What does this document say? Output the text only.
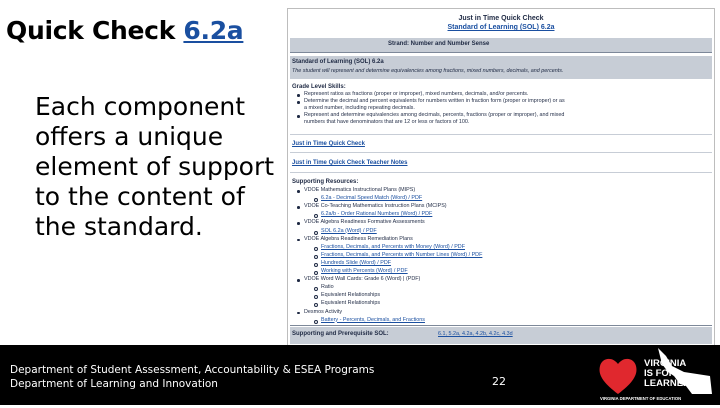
Quick Check 6.2a
Each component offers a unique element of support to the content of the standard.
Just in Time Quick Check
Standard of Learning (SOL) 6.2a
Strand: Number and Number Sense
Standard of Learning (SOL) 6.2a
The student will represent and determine equivalencies among fractions, mixed numbers, decimals, and percents.
Grade Level Skills:
Represent ratios as fractions (proper or improper), mixed numbers, decimals, and/or percents.
Determine the decimal and percent equivalents for numbers written in fraction form (proper or improper) or as
a mixed number, including repeating decimals.
Represent and determine equivalencies among decimals, percents, fractions (proper or improper), and mixed
numbers that have denominators that are 12 or less or factors of 100.
Just in Time Quick Check
Just in Time Quick Check Teacher Notes
Supporting Resources:
VDOE Mathematics Instructional Plans (MIPS)
6.2a - Decimal Speed Match (Word) / PDF
VDOE Co-Teaching Mathematics Instruction Plans (MCIPS)
6.2a/b - Order Rational Numbers (Word) / PDF
VDOE Algebra Readiness Formative Assessments
SOL 6.2a (Word) / PDF
VDOE Algebra Readiness Remediation Plans
Fractions, Decimals, and Percents with Money (Word) / PDF
Fractions, Decimals, and Percents with Number Lines (Word) / PDF
Hundreds Slide (Word) / PDF
Working with Percents (Word) / PDF
VDOE Word Wall Cards: Grade 6 (Word) | (PDF)
Ratio
Equivalent Relationships
Equivalent Relationships
Desmos Activity
Battery - Percents, Decimals, and Fractions
Supporting and Prerequisite SOL:	6.1, 5.2a, 4.2a, 4.2b, 4.2c, 4.3d
Department of Student Assessment, Accountability & ESEA Programs
Department of Learning and Innovation	22
VIRGINIA
IS FOR
LEARNERS
VIRGINIA DEPARTMENT OF EDUCATION
